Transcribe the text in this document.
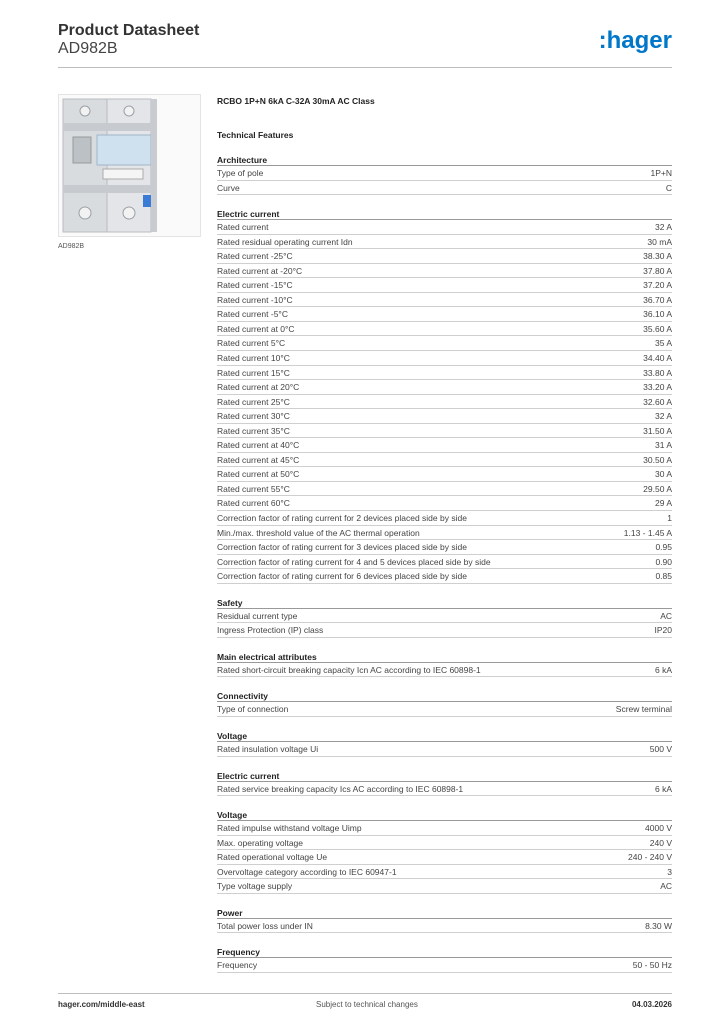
Product Datasheet
AD982B	:hager
AD982B
RCBO 1P+N 6kA C-32A 30mA AC Class
Technical Features
Architecture
Type of pole	1P+N
Curve	C
Electric current
Rated current	32 A
Rated residual operating current Idn	30 mA
Rated current -25°C	38.30 A
Rated current at -20°C	37.80 A
Rated current -15°C	37.20 A
Rated current -10°C	36.70 A
Rated current -5°C	36.10 A
Rated current at 0°C	35.60 A
Rated current 5°C	35 A
Rated current 10°C	34.40 A
Rated current 15°C	33.80 A
Rated current at 20°C	33.20 A
Rated current 25°C	32.60 A
Rated current 30°C	32 A
Rated current 35°C	31.50 A
Rated current at 40°C	31 A
Rated current at 45°C	30.50 A
Rated current at 50°C	30 A
Rated current 55°C	29.50 A
Rated current 60°C	29 A
Correction factor of rating current for 2 devices placed side by side	1
Min./max. threshold value of the AC thermal operation	1.13 - 1.45 A
Correction factor of rating current for 3 devices placed side by side	0.95
Correction factor of rating current for 4 and 5 devices placed side by side	0.90
Correction factor of rating current for 6 devices placed side by side	0.85
Safety
Residual current type	AC
Ingress Protection (IP) class	IP20
Main electrical attributes
Rated short-circuit breaking capacity Icn AC according to IEC 60898-1	6 kA
Connectivity
Type of connection	Screw terminal
Voltage
Rated insulation voltage Ui	500 V
Electric current
Rated service breaking capacity Ics AC according to IEC 60898-1	6 kA
Voltage
Rated impulse withstand voltage Uimp	4000 V
Max. operating voltage	240 V
Rated operational voltage Ue	240 - 240 V
Overvoltage category according to IEC 60947-1	3
Type voltage supply	AC
Power
Total power loss under IN	8.30 W
Frequency
Frequency	50 - 50 Hz
hager.com/middle-east	Subject to technical changes	04.03.2026
